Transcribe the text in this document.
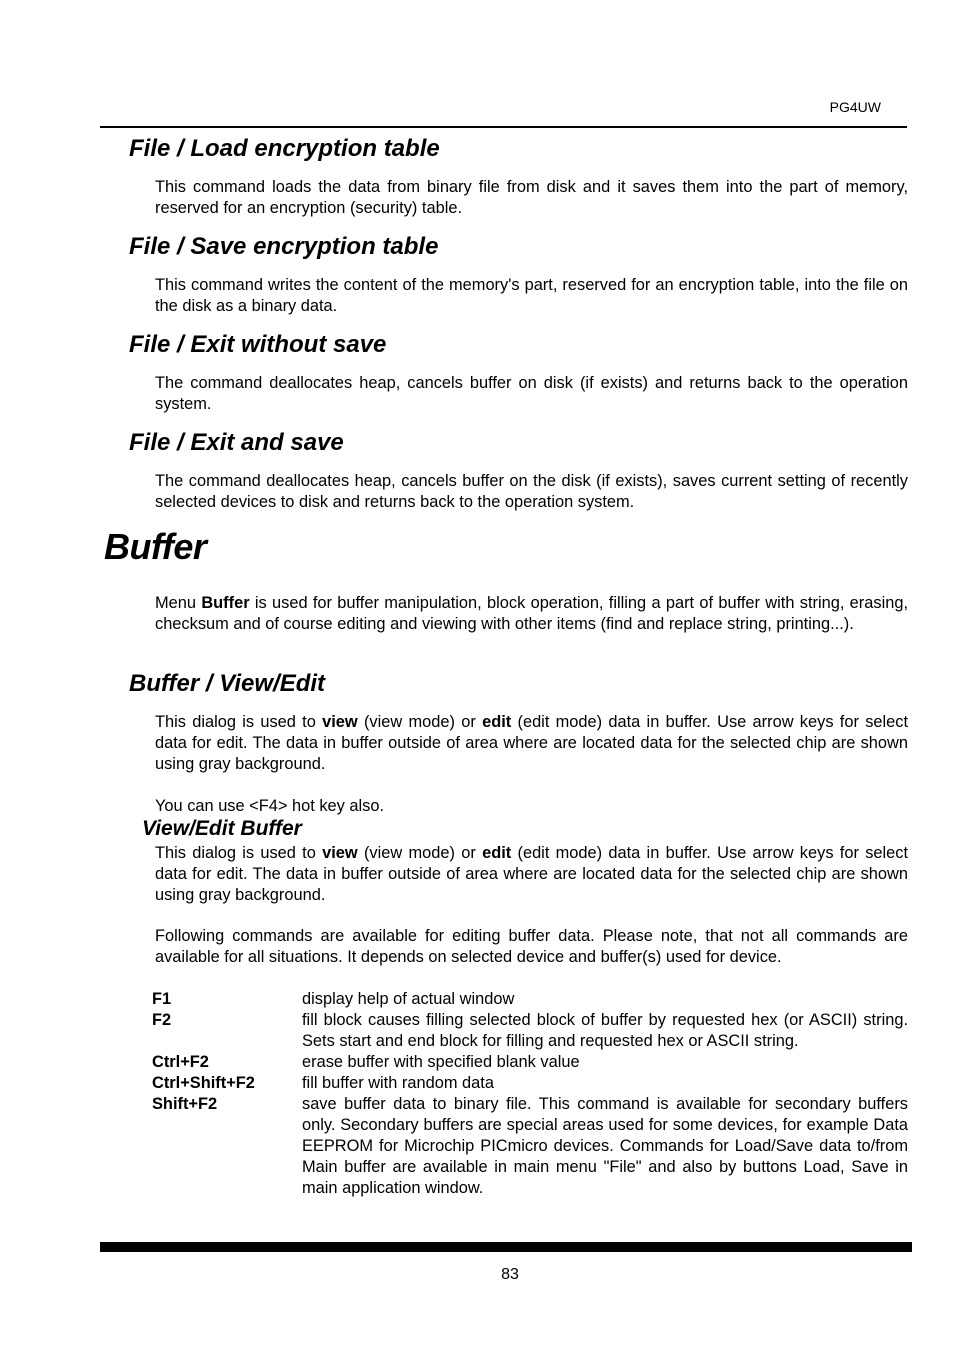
PG4UW
File / Load encryption table
This command loads the data from binary file from disk and it saves them into the part of memory, reserved for an encryption (security) table.
File / Save encryption table
This command writes the content of the memory's part, reserved for an encryption table, into the file on the disk as a binary data.
File / Exit without save
The command deallocates heap, cancels buffer on disk (if exists) and returns back to the operation system.
File / Exit and save
The command deallocates heap, cancels buffer on the disk (if exists), saves current setting of recently selected devices to disk and returns back to the operation system.
Buffer
Menu Buffer is used for buffer manipulation, block operation, filling a part of buffer with string, erasing, checksum and of course editing and viewing with other items (find and replace string, printing...).
Buffer / View/Edit
This dialog is used to view (view mode) or edit (edit mode) data in buffer. Use arrow keys for select data for edit. The data in buffer outside of area where are located data for the selected chip are shown using gray background.
You can use <F4> hot key also.
View/Edit Buffer
This dialog is used to view (view mode) or edit (edit mode) data in buffer. Use arrow keys for select data for edit. The data in buffer outside of area where are located data for the selected chip are shown using gray background.
Following commands are available for editing buffer data. Please note, that not all commands are available for all situations. It depends on selected device and buffer(s) used for device.
F1	display help of actual window
F2	fill block causes filling selected block of buffer by requested hex (or ASCII) string. Sets start and end block for filling and requested hex or ASCII string.
Ctrl+F2	erase buffer with specified blank value
Ctrl+Shift+F2	fill buffer with random data
Shift+F2	save buffer data to binary file. This command is available for secondary buffers only. Secondary buffers are special areas used for some devices, for example Data EEPROM for Microchip PICmicro devices. Commands for Load/Save data to/from Main buffer are available in main menu "File" and also by buttons Load, Save in main application window.
83
